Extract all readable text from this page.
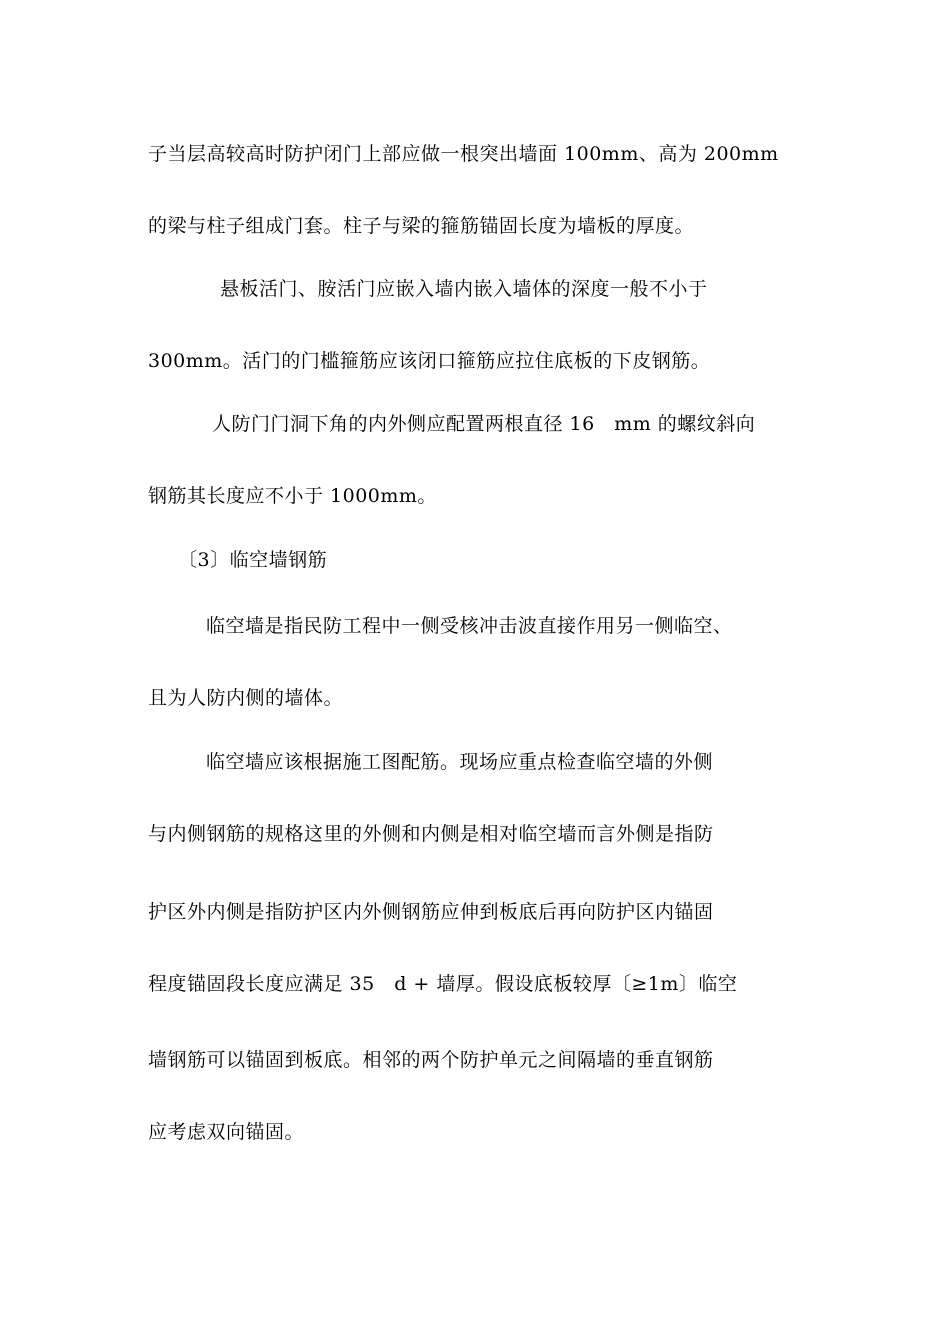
子当层高较高时防护闭门上部应做一根突出墙面 100mm、高为 200mm
的梁与柱子组成门套。柱子与梁的箍筋锚固长度为墙板的厚度。
悬板活门、胺活门应嵌入墙内嵌入墙体的深度一般不小于
300mm。活门的门槛箍筋应该闭口箍筋应拉住底板的下皮钢筋。
人防门门洞下角的内外侧应配置两根直径 16　mm 的螺纹斜向
钢筋其长度应不小于 1000mm。
〔3〕临空墙钢筋
临空墙是指民防工程中一侧受核冲击波直接作用另一侧临空、
且为人防内侧的墙体。
临空墙应该根据施工图配筋。现场应重点检查临空墙的外侧
与内侧钢筋的规格这里的外侧和内侧是相对临空墙而言外侧是指防
护区外内侧是指防护区内外侧钢筋应伸到板底后再向防护区内锚固
程度锚固段长度应满足 35　d + 墙厚。假设底板较厚〔≥1m〕临空
墙钢筋可以锚固到板底。相邻的两个防护单元之间隔墙的垂直钢筋
应考虑双向锚固。
